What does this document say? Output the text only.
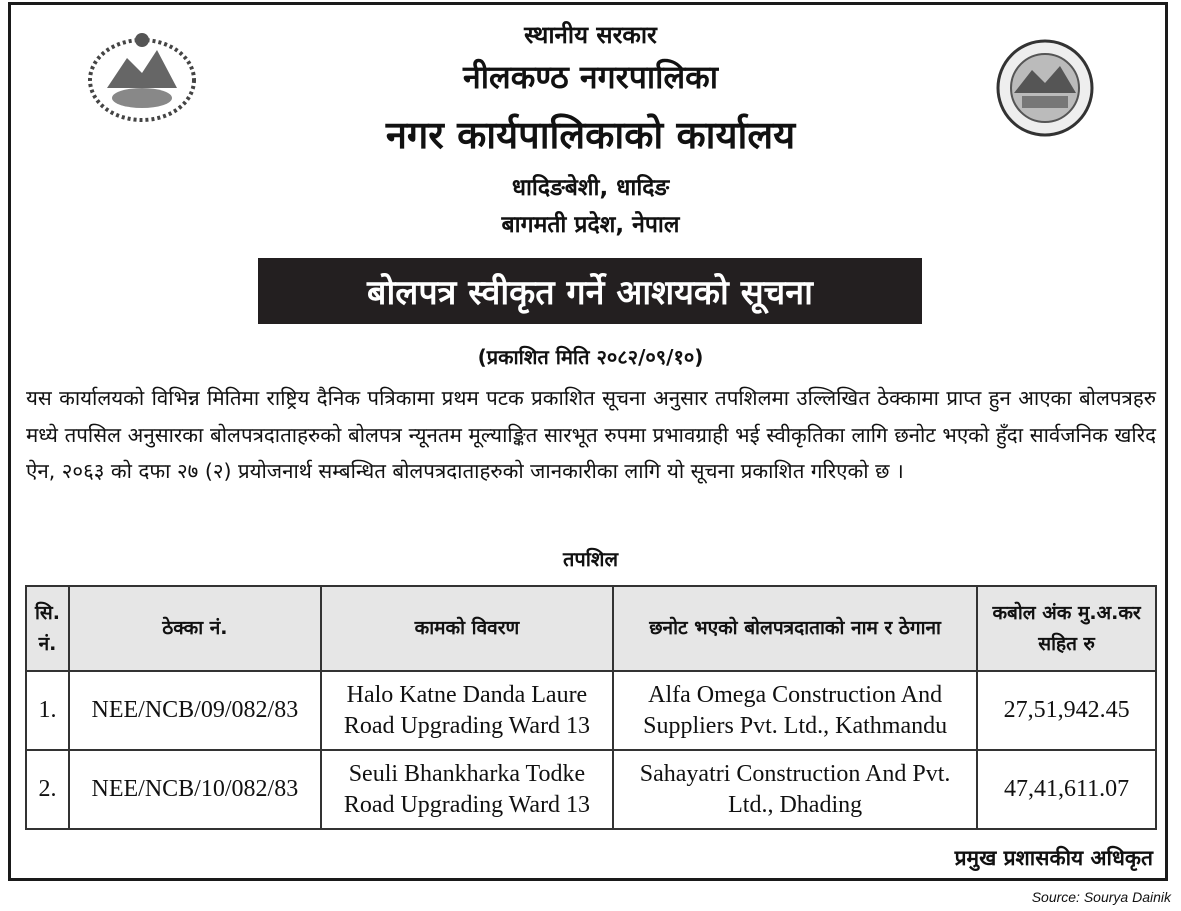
स्थानीय सरकार
नीलकण्ठ नगरपालिका
नगर कार्यपालिकाको कार्यालय
धादिङबेशी, धादिङ
बागमती प्रदेश, नेपाल
बोलपत्र स्वीकृत गर्ने आशयको सूचना
(प्रकाशित मिति २०८२/०९/१०)
यस कार्यालयको विभिन्न मितिमा राष्ट्रिय दैनिक पत्रिकामा प्रथम पटक प्रकाशित सूचना अनुसार तपशिलमा उल्लिखित ठेक्कामा प्राप्त हुन आएका बोलपत्रहरु मध्ये तपसिल अनुसारका बोलपत्रदाताहरुको बोलपत्र न्यूनतम मूल्याङ्कित सारभूत रुपमा प्रभावग्राही भई स्वीकृतिका लागि छनोट भएको हुँदा सार्वजनिक खरिद ऐन, २०६३ को दफा २७ (२) प्रयोजनार्थ सम्बन्धित बोलपत्रदाताहरुको जानकारीका लागि यो सूचना प्रकाशित गरिएको छ ।
तपशिल
सि. नं.	ठेक्का नं.	कामको विवरण	छनोट भएको बोलपत्रदाताको नाम र ठेगाना	कबोल अंक मु.अ.कर सहित रु
1.	NEE/NCB/09/082/83	Halo Katne Danda Laure Road Upgrading Ward 13	Alfa Omega Construction And Suppliers Pvt. Ltd., Kathmandu	27,51,942.45
2.	NEE/NCB/10/082/83	Seuli Bhankharka Todke Road Upgrading Ward 13	Sahayatri Construction And Pvt. Ltd., Dhading	47,41,611.07
प्रमुख प्रशासकीय अधिकृत
Source: Sourya Dainik
